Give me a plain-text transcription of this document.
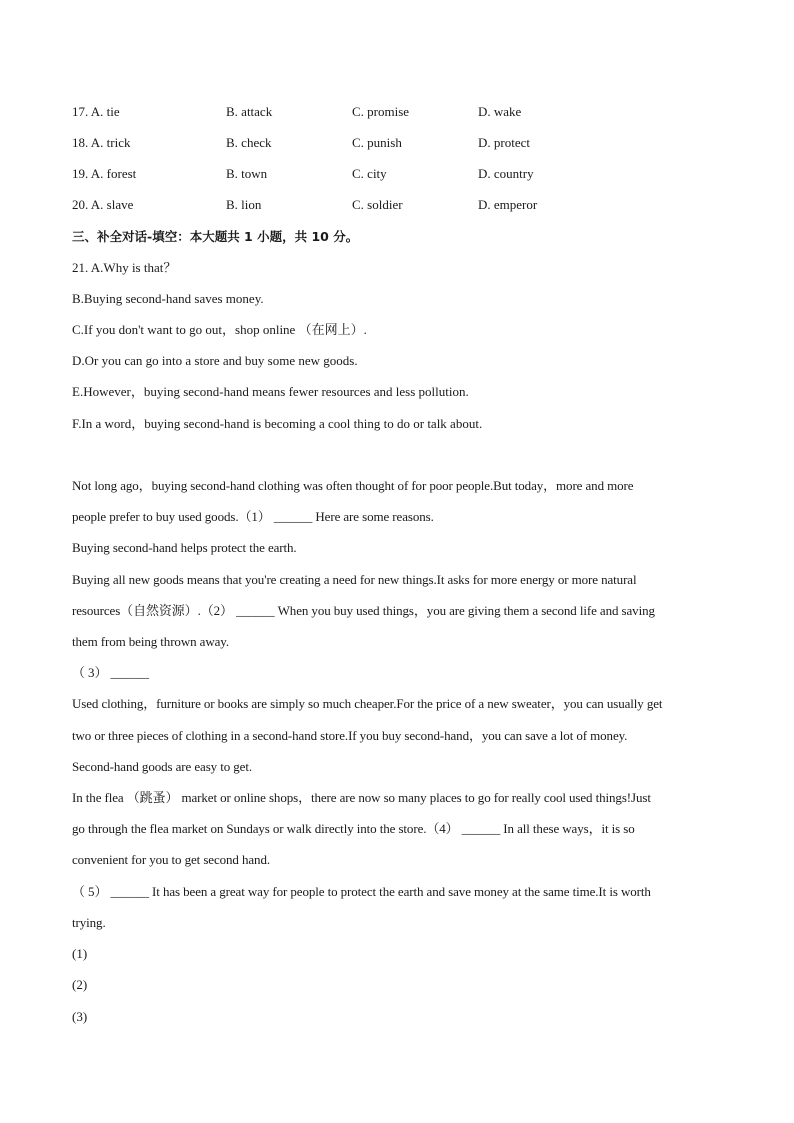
17. A. tie	B. attack	C. promise	D. wake
18. A. trick	B. check	C. punish	D. protect
19. A. forest	B. town	C. city	D. country
20. A. slave	B. lion	C. soldier	D. emperor
三、补全对话-填空：本大题共 1 小题，共 10 分。
21. A.Why is that？
B.Buying second-hand saves money.
C.If you don't want to go out，shop online （在网上）.
D.Or you can go into a store and buy some new goods.
E.However，buying second-hand means fewer resources and less pollution.
F.In a word，buying second-hand is becoming a cool thing to do or talk about.
Not long ago，buying second-hand clothing was often thought of for poor people.But today，more and more
people prefer to buy used goods.（1） ______ Here are some reasons.
Buying second-hand helps protect the earth.
Buying all new goods means that you're creating a need for new things.It asks for more energy or more natural
resources（自然资源）.（2） ______ When you buy used things，you are giving them a second life and saving
them from being thrown away.
（ 3） ______
Used clothing，furniture or books are simply so much cheaper.For the price of a new sweater，you can usually get
two or three pieces of clothing in a second-hand store.If you buy second-hand，you can save a lot of money.
Second-hand goods are easy to get.
In the flea （跳蚤） market or online shops，there are now so many places to go for really cool used things!Just
go through the flea market on Sundays or walk directly into the store.（4） ______ In all these ways，it is so
convenient for you to get second hand.
（ 5） ______ It has been a great way for people to protect the earth and save money at the same time.It is worth
trying.
(1)
(2)
(3)
